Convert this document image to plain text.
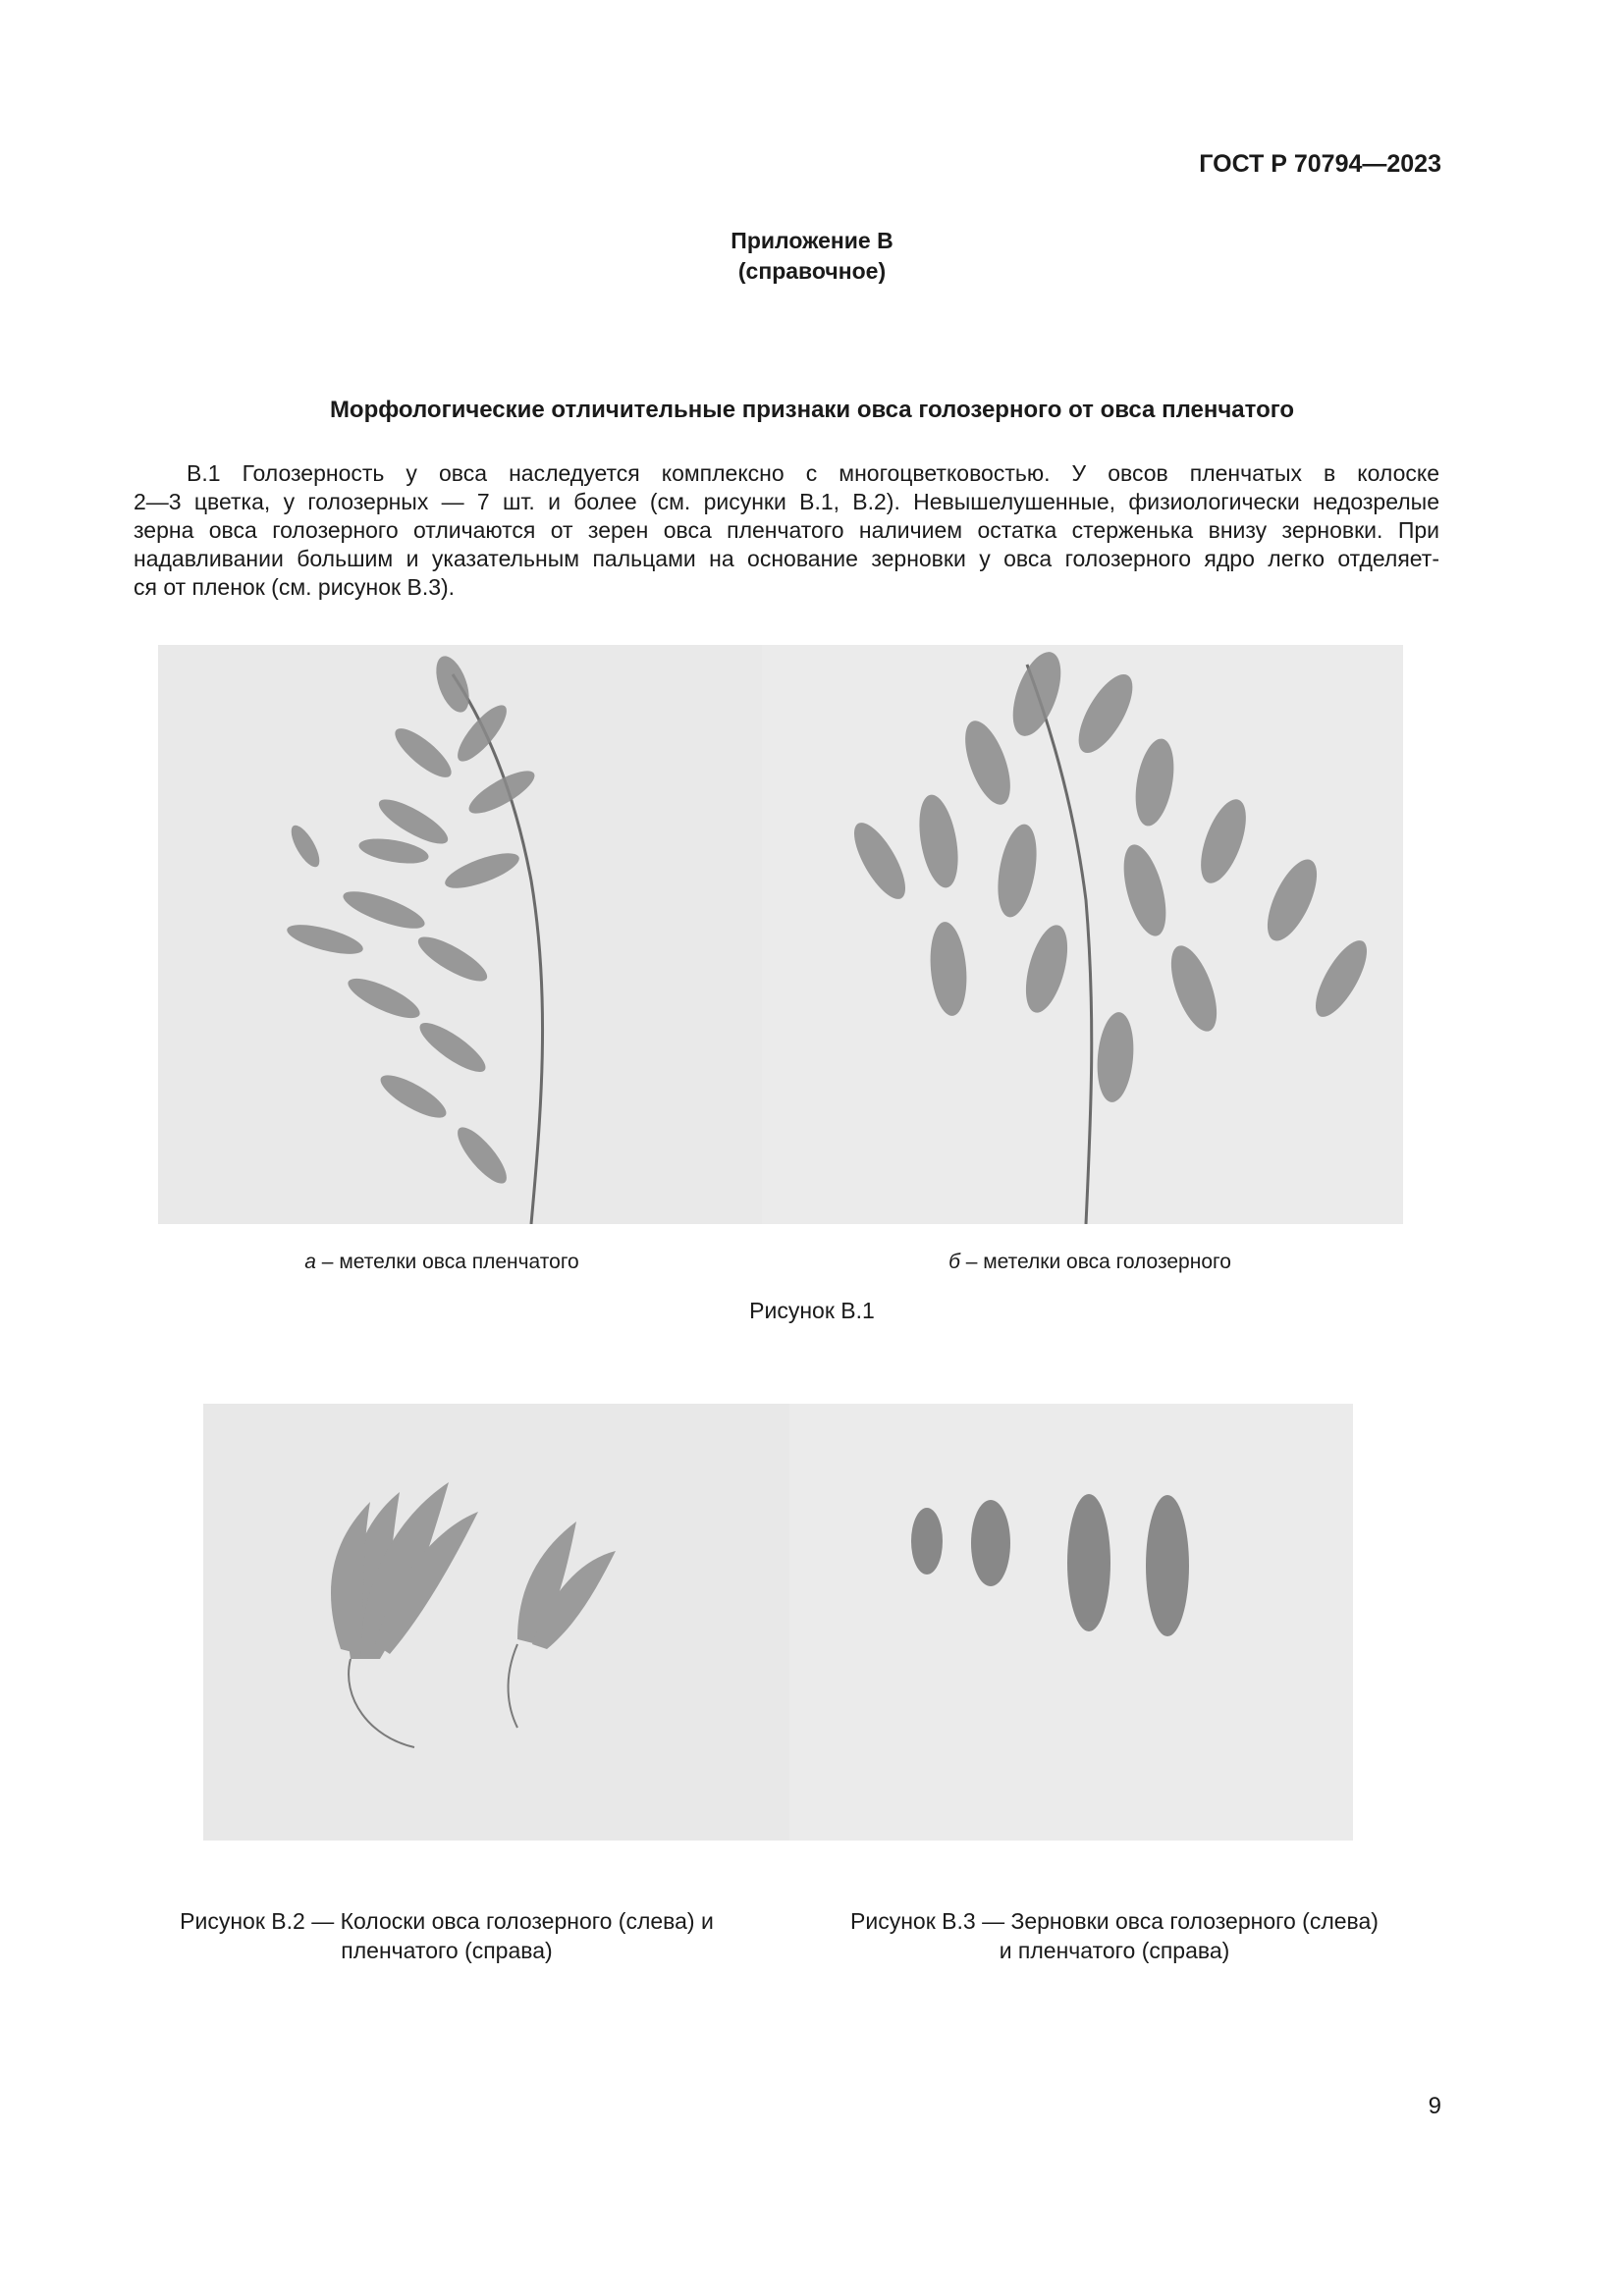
ГОСТ Р 70794—2023
Приложение В
(справочное)
Морфологические отличительные признаки овса голозерного от овса пленчатого
В.1 Голозерность у овса наследуется комплексно с многоцветковостью. У овсов пленчатых в колоске
2—3 цветка, у голозерных — 7 шт. и более (см. рисунки В.1, В.2). Невышелушенные, физиологически недозрелые
зерна овса голозерного отличаются от зерен овса пленчатого наличием остатка стерженька внизу зерновки. При
надавливании большим и указательным пальцами на основание зерновки у овса голозерного ядро легко отделяет-
ся от пленок (см. рисунок В.3).
а – метелки овса пленчатого	б – метелки овса голозерного
Рисунок В.1
Рисунок В.2 — Колоски овса голозерного (слева) и
пленчатого (справа)
Рисунок В.3 — Зерновки овса голозерного (слева)
и пленчатого (справа)
9
